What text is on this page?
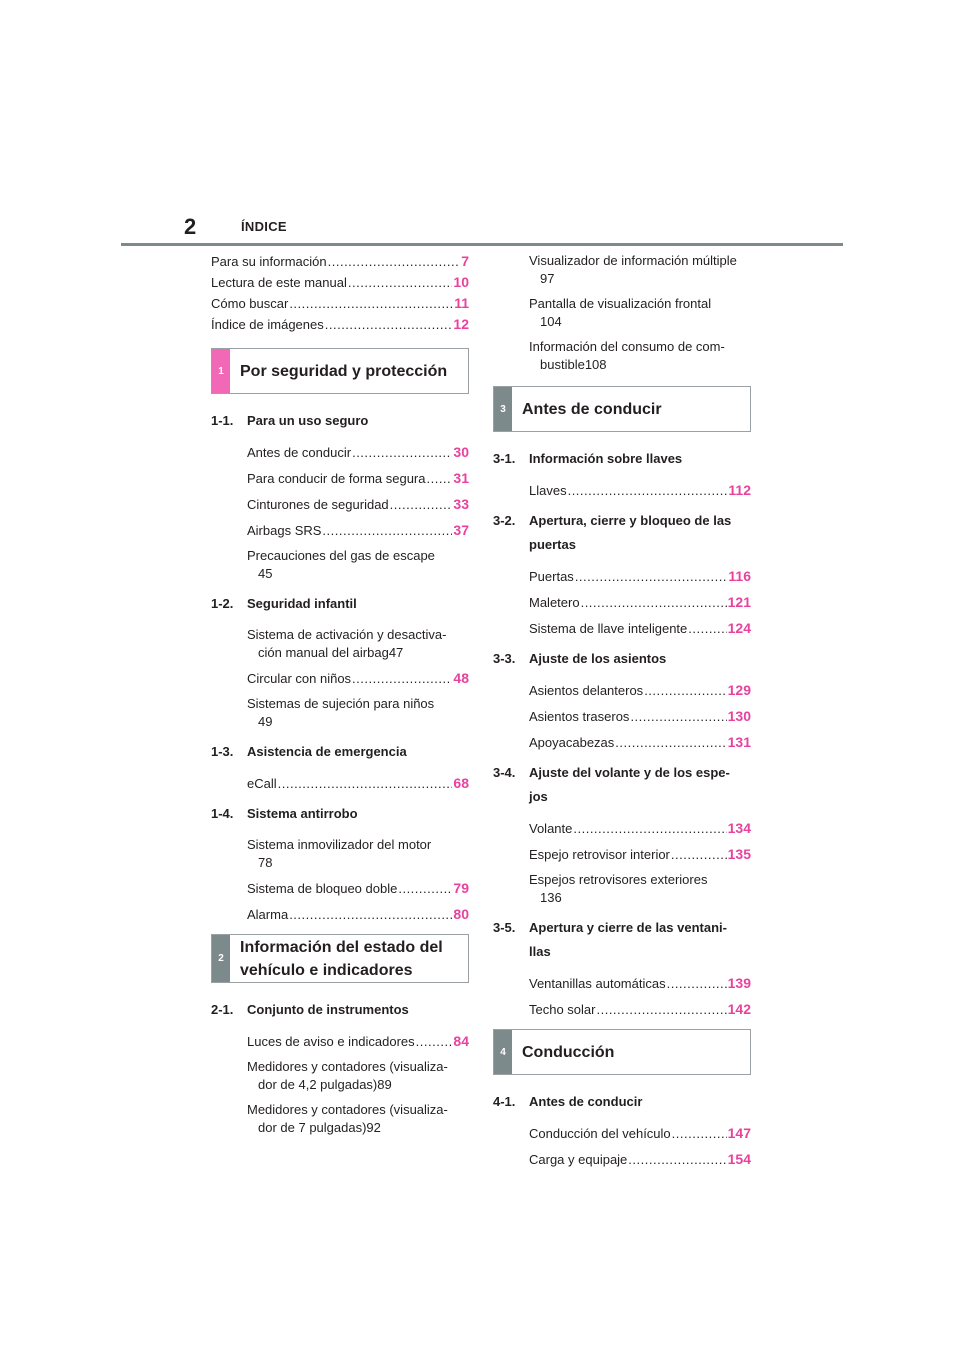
2	ÍNDICE
Para su información .....	7
Lectura de este manual .....	10
Cómo buscar .....	11
Índice de imágenes .....	12
1	Por seguridad y protección
1-1.	Para un uso seguro
Antes de conducir .....	30
Para conducir de forma segura ..... 31
Cinturones de seguridad .....	33
Airbags SRS .....	37
Precauciones del gas de escape
45
1-2.	Seguridad infantil
Sistema de activación y desactiva-
ción manual del airbag 47
Circular con niños .....	48
Sistemas de sujeción para niños
49
1-3.	Asistencia de emergencia
eCall .....	68
1-4.	Sistema antirrobo
Sistema inmovilizador del motor
78
Sistema de bloqueo doble .....	79
Alarma .....	80
2
Información del estado del
vehículo e indicadores
2-1.	Conjunto de instrumentos
Luces de aviso e indicadores .....	84
Medidores y contadores (visualiza-
dor de 4,2 pulgadas) 89
Medidores y contadores (visualiza-
dor de 7 pulgadas) 92
Visualizador de información múltiple
97
Pantalla de visualización frontal
104
Información del consumo de com-
bustible 108
3	Antes de conducir
3-1.	Información sobre llaves
Llaves .....	112
3-2.	Apertura, cierre y bloqueo de las
puertas
Puertas .....	116
Maletero .....	121
Sistema de llave inteligente .....	124
3-3.	Ajuste de los asientos
Asientos delanteros .....	129
Asientos traseros .....	130
Apoyacabezas .....	131
3-4.	Ajuste del volante y de los espe-
jos
Volante .....	134
Espejo retrovisor interior .....	135
Espejos retrovisores exteriores
136
3-5.	Apertura y cierre de las ventani-
llas
Ventanillas automáticas .....	139
Techo solar .....	142
4	Conducción
4-1.	Antes de conducir
Conducción del vehículo .....	147
Carga y equipaje .....	154
